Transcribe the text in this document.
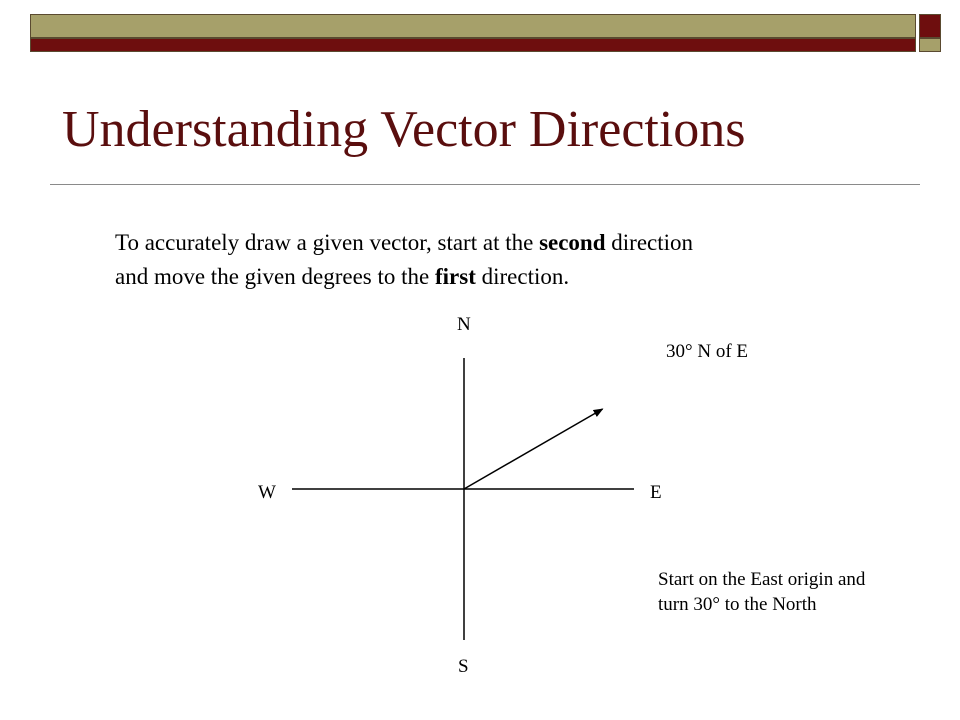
Understanding Vector Directions
To accurately draw a given vector, start at the second direction
and move the given degrees to the first direction.
N
S
W	E
30° N of E
Start on the East origin and turn 30° to the North
